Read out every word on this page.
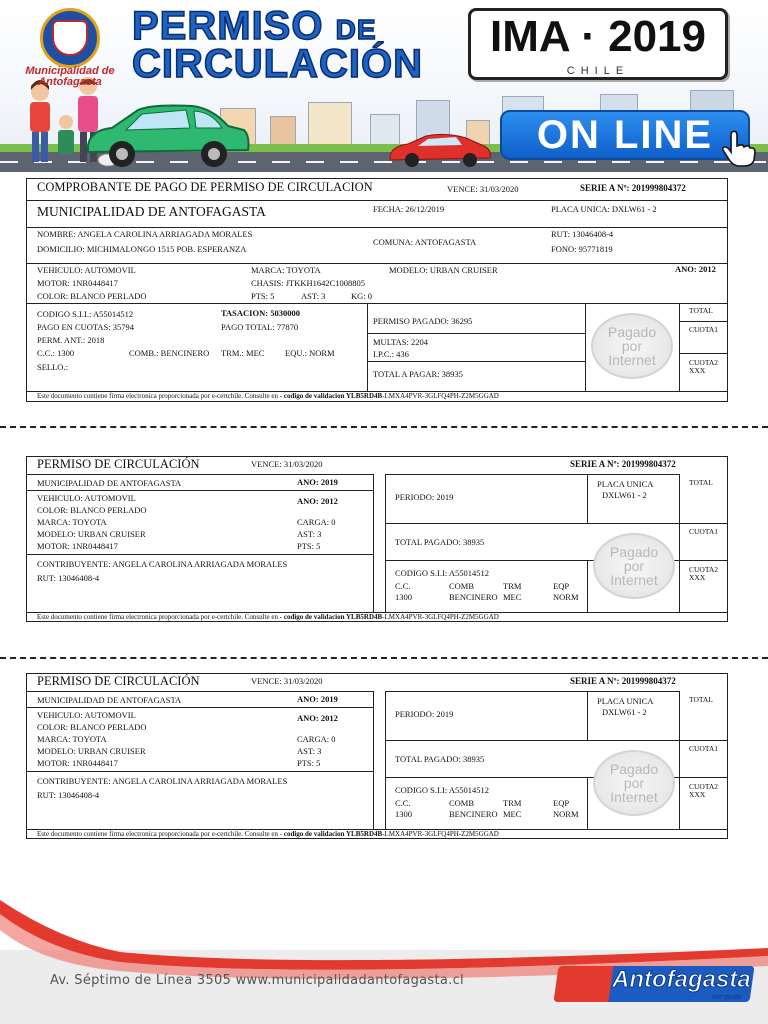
Municipalidad de Antofagasta
PERMISO DE
CIRCULACIÓN
IMA · 2019
CHILE
ON LINE
COMPROBANTE DE PAGO DE PERMISO DE CIRCULACION	VENCE: 31/03/2020	SERIE A Nº: 201999804372
MUNICIPALIDAD DE ANTOFAGASTA	FECHA: 26/12/2019	PLACA UNICA: DXLW61 - 2
NOMBRE: ANGELA CAROLINA ARRIAGADA MORALES
DOMICILIO: MICHIMALONGO 1515 POB. ESPERANZA
COMUNA: ANTOFAGASTA
RUT: 13046408-4
FONO: 95771819
VEHICULO: AUTOMOVIL	MARCA: TOYOTA	MODELO: URBAN CRUISER	ANO: 2012
MOTOR: 1NR0448417	CHASIS: JTKKH1642C1008805
COLOR: BLANCO PERLADO	PTS: 5	AST: 3	KG: 0
CODIGO S.I.I.: A55014512	TASACION: 5030000
PAGO EN CUOTAS: 35794	PAGO TOTAL: 77870
PERM. ANT.: 2018
C.C.: 1300	COMB.: BENCINERO TRM.: MEC EQU.: NORM
SELLO.:
PERMISO PAGADO: 36295
MULTAS: 2204
I.P.C.: 436
TOTAL A PAGAR: 38935
Pagado
por
Internet
TOTAL
CUOTA1
CUOTA2
XXX
Este documento contiene firma electronica proporcionada por e-certchile. Consulte en - codigo de validacion YLB5RD4B-LMXA4PVR-3GLFQ4PH-Z2M5GGAD
PERMISO DE CIRCULACIÓN	VENCE: 31/03/2020	SERIE A Nº: 201999804372
MUNICIPALIDAD DE ANTOFAGASTA	ANO: 2019
VEHICULO: AUTOMOVIL	ANO: 2012
COLOR: BLANCO PERLADO
MARCA: TOYOTA	CARGA: 0
MODELO: URBAN CRUISER	AST: 3
MOTOR: 1NR0448417	PTS: 5
CONTRIBUYENTE: ANGELA CAROLINA ARRIAGADA MORALES
RUT: 13046408-4
PERIODO: 2019
PLACA UNICA
DXLW61 - 2
TOTAL PAGADO: 38935
CODIGO S.I.I: A55014512
C.C.
1300
COMB
BENCINERO
TRM
MEC
EQP
NORM
Pagado
por
Internet
TOTAL
CUOTA1
CUOTA2
XXX
Este documento contiene firma electronica proporcionada por e-certchile. Consulte en - codigo de validacion YLB5RD4B-LMXA4PVR-3GLFQ4PH-Z2M5GGAD
PERMISO DE CIRCULACIÓN	VENCE: 31/03/2020	SERIE A Nº: 201999804372
MUNICIPALIDAD DE ANTOFAGASTA	ANO: 2019
VEHICULO: AUTOMOVIL	ANO: 2012
COLOR: BLANCO PERLADO
MARCA: TOYOTA	CARGA: 0
MODELO: URBAN CRUISER	AST: 3
MOTOR: 1NR0448417	PTS: 5
CONTRIBUYENTE: ANGELA CAROLINA ARRIAGADA MORALES
RUT: 13046408-4
PERIODO: 2019
PLACA UNICA
DXLW61 - 2
TOTAL PAGADO: 38935
CODIGO S.I.I: A55014512
C.C.
1300
COMB
BENCINERO
TRM
MEC
EQP
NORM
Pagado
por
Internet
TOTAL
CUOTA1
CUOTA2
XXX
Este documento contiene firma electronica proporcionada por e-certchile. Consulte en - codigo de validacion YLB5RD4B-LMXA4PVR-3GLFQ4PH-Z2M5GGAD
Av. Séptimo de Línea 3505 www.municipalidadantofagasta.cl	Antofagasta
me gusta
